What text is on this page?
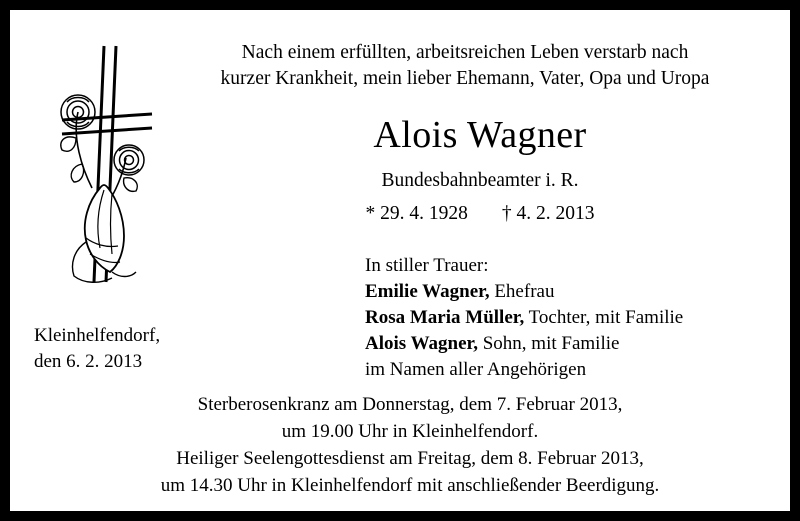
Nach einem erfüllten, arbeitsreichen Leben verstarb nach
kurzer Krankheit, mein lieber Ehemann, Vater, Opa und Uropa
Alois Wagner
Bundesbahnbeamter i. R.
* 29. 4. 1928 † 4. 2. 2013
In stiller Trauer:
Emilie Wagner, Ehefrau
Rosa Maria Müller, Tochter, mit Familie
Alois Wagner, Sohn, mit Familie
im Namen aller Angehörigen
Kleinhelfendorf,
den 6. 2. 2013
Sterberosenkranz am Donnerstag, dem 7. Februar 2013,
um 19.00 Uhr in Kleinhelfendorf.
Heiliger Seelengottesdienst am Freitag, dem 8. Februar 2013,
um 14.30 Uhr in Kleinhelfendorf mit anschließender Beerdigung.
